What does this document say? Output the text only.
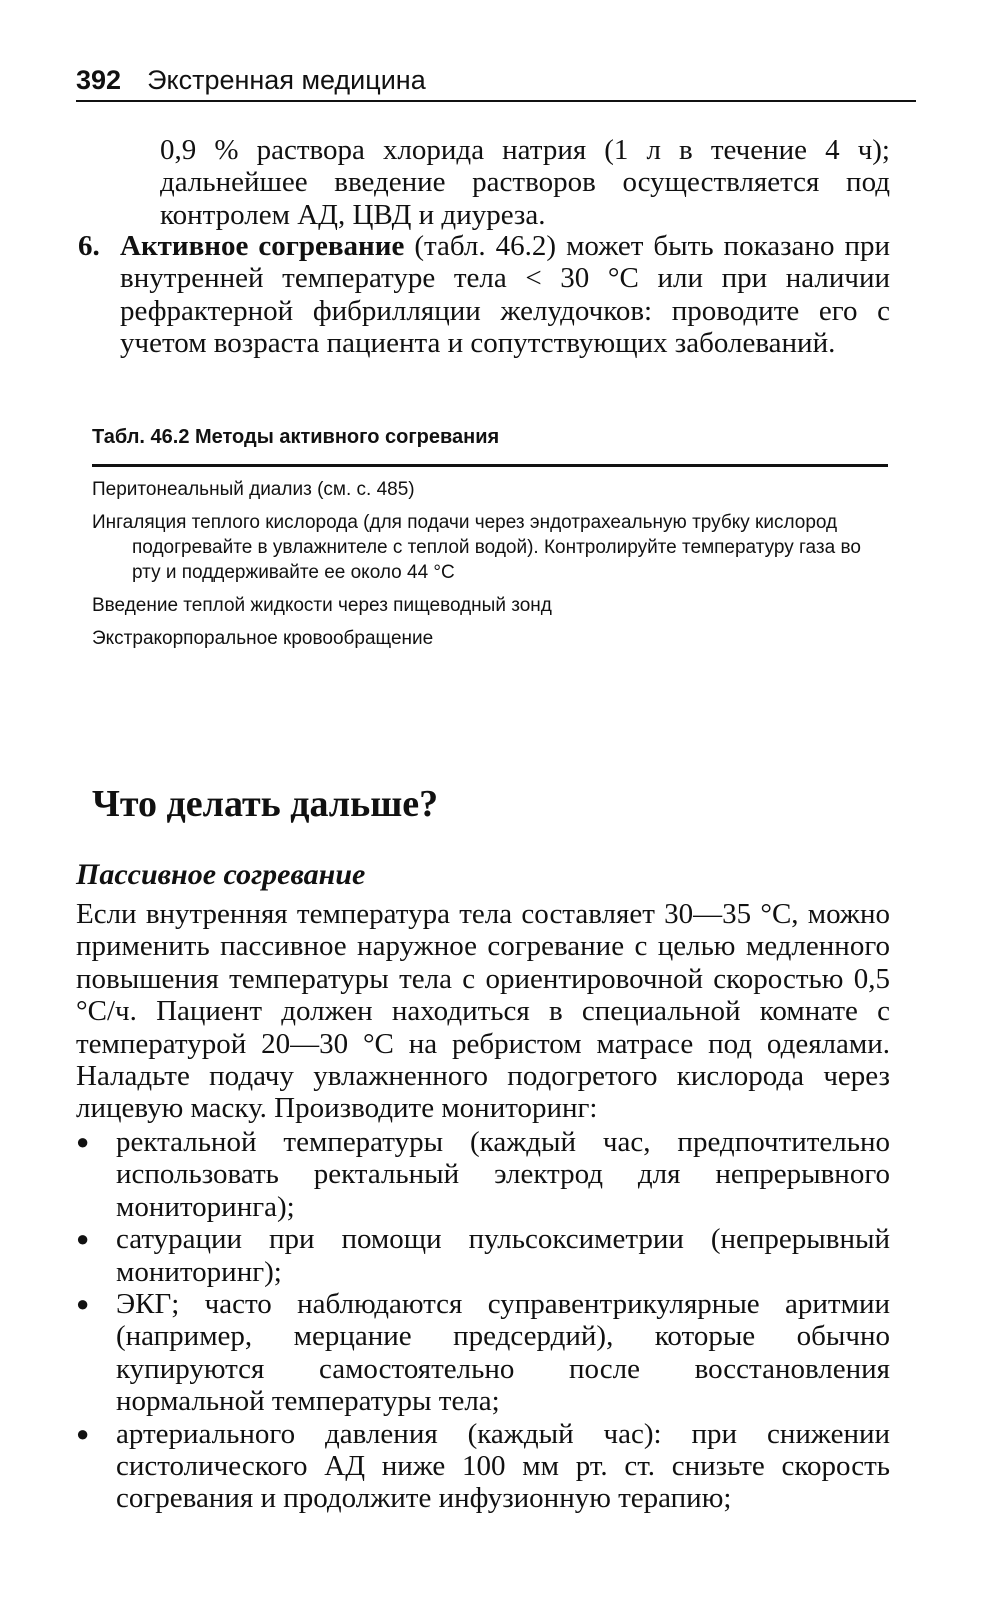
392 Экстренная медицина
0,9 % раствора хлорида натрия (1 л в течение 4 ч); дальнейшее введение растворов осуществляется под контролем АД, ЦВД и диуреза.
6. Активное согревание (табл. 46.2) может быть показано при внутренней температуре тела < 30 °С или при наличии рефрактерной фибрилляции желудочков: проводите его с учетом возраста пациента и сопутствующих заболеваний.
Табл. 46.2 Методы активного согревания
Перитонеальный диализ (см. с. 485)
Ингаляция теплого кислорода (для подачи через эндотрахеальную трубку кислород подогревайте в увлажнителе с теплой водой). Контролируйте температуру газа во рту и поддерживайте ее около 44 °С
Введение теплой жидкости через пищеводный зонд
Экстракорпоральное кровообращение
Что делать дальше?
Пассивное согревание
Если внутренняя температура тела составляет 30—35 °С, можно применить пассивное наружное согревание с целью медленного повышения температуры тела с ориентировочной скоростью 0,5 °С/ч. Пациент должен находиться в специальной комнате с температурой 20—30 °С на ребристом матрасе под одеялами. Наладьте подачу увлажненного подогретого кислорода через лицевую маску. Производите мониторинг:
● ректальной температуры (каждый час, предпочтительно использовать ректальный электрод для непрерывного мониторинга);
● сатурации при помощи пульсоксиметрии (непрерывный мониторинг);
● ЭКГ; часто наблюдаются суправентрикулярные аритмии (например, мерцание предсердий), которые обычно купируются самостоятельно после восстановления нормальной температуры тела;
● артериального давления (каждый час): при снижении систолического АД ниже 100 мм рт. ст. снизьте скорость согревания и продолжите инфузионную терапию;
